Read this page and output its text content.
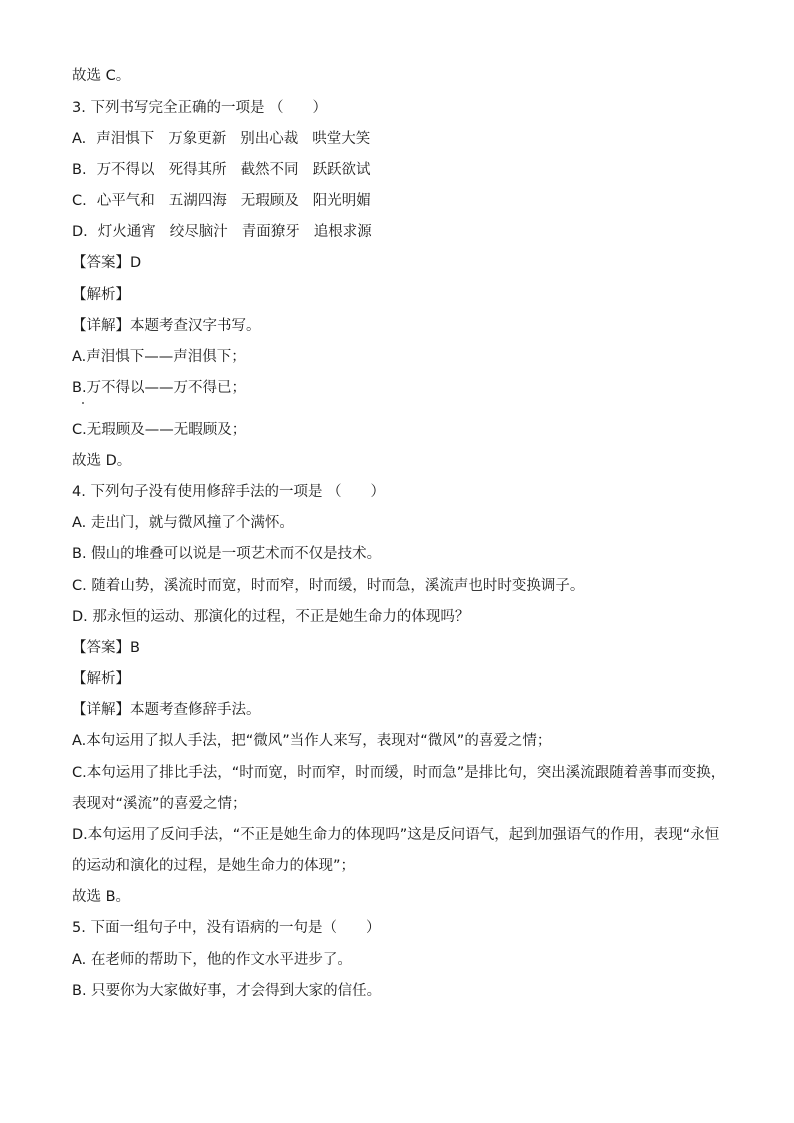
故选 C。
3. 下列书写完全正确的一项是 （　　）
A. 声泪惧下 万象更新 别出心裁 哄堂大笑
B. 万不得以 死得其所 截然不同 跃跃欲试
C. 心平气和 五湖四海 无瑕顾及 阳光明媚
D. 灯火通宵 绞尽脑汁 青面獠牙 追根求源
【答案】D
【解析】
【详解】本题考查汉字书写。
A.声泪惧下——声泪俱下；
B.万不得以——万不得已；
C.无瑕顾及——无暇顾及；
故选 D。
4. 下列句子没有使用修辞手法的一项是 （　　）
A. 走出门，就与微风撞了个满怀。
B. 假山的堆叠可以说是一项艺术而不仅是技术。
C. 随着山势，溪流时而宽，时而窄，时而缓，时而急，溪流声也时时变换调子。
D. 那永恒的运动、那演化的过程，不正是她生命力的体现吗？
【答案】B
【解析】
【详解】本题考查修辞手法。
A.本句运用了拟人手法，把“微风”当作人来写，表现对“微风”的喜爱之情；
C.本句运用了排比手法，“时而宽，时而窄，时而缓，时而急”是排比句，突出溪流跟随着善事而变换，
表现对“溪流”的喜爱之情；
D.本句运用了反问手法，“不正是她生命力的体现吗”这是反问语气，起到加强语气的作用，表现“永恒
的运动和演化的过程，是她生命力的体现”；
故选 B。
5. 下面一组句子中，没有语病的一句是（　　）
A. 在老师的帮助下，他的作文水平进步了。
B. 只要你为大家做好事，才会得到大家的信任。
